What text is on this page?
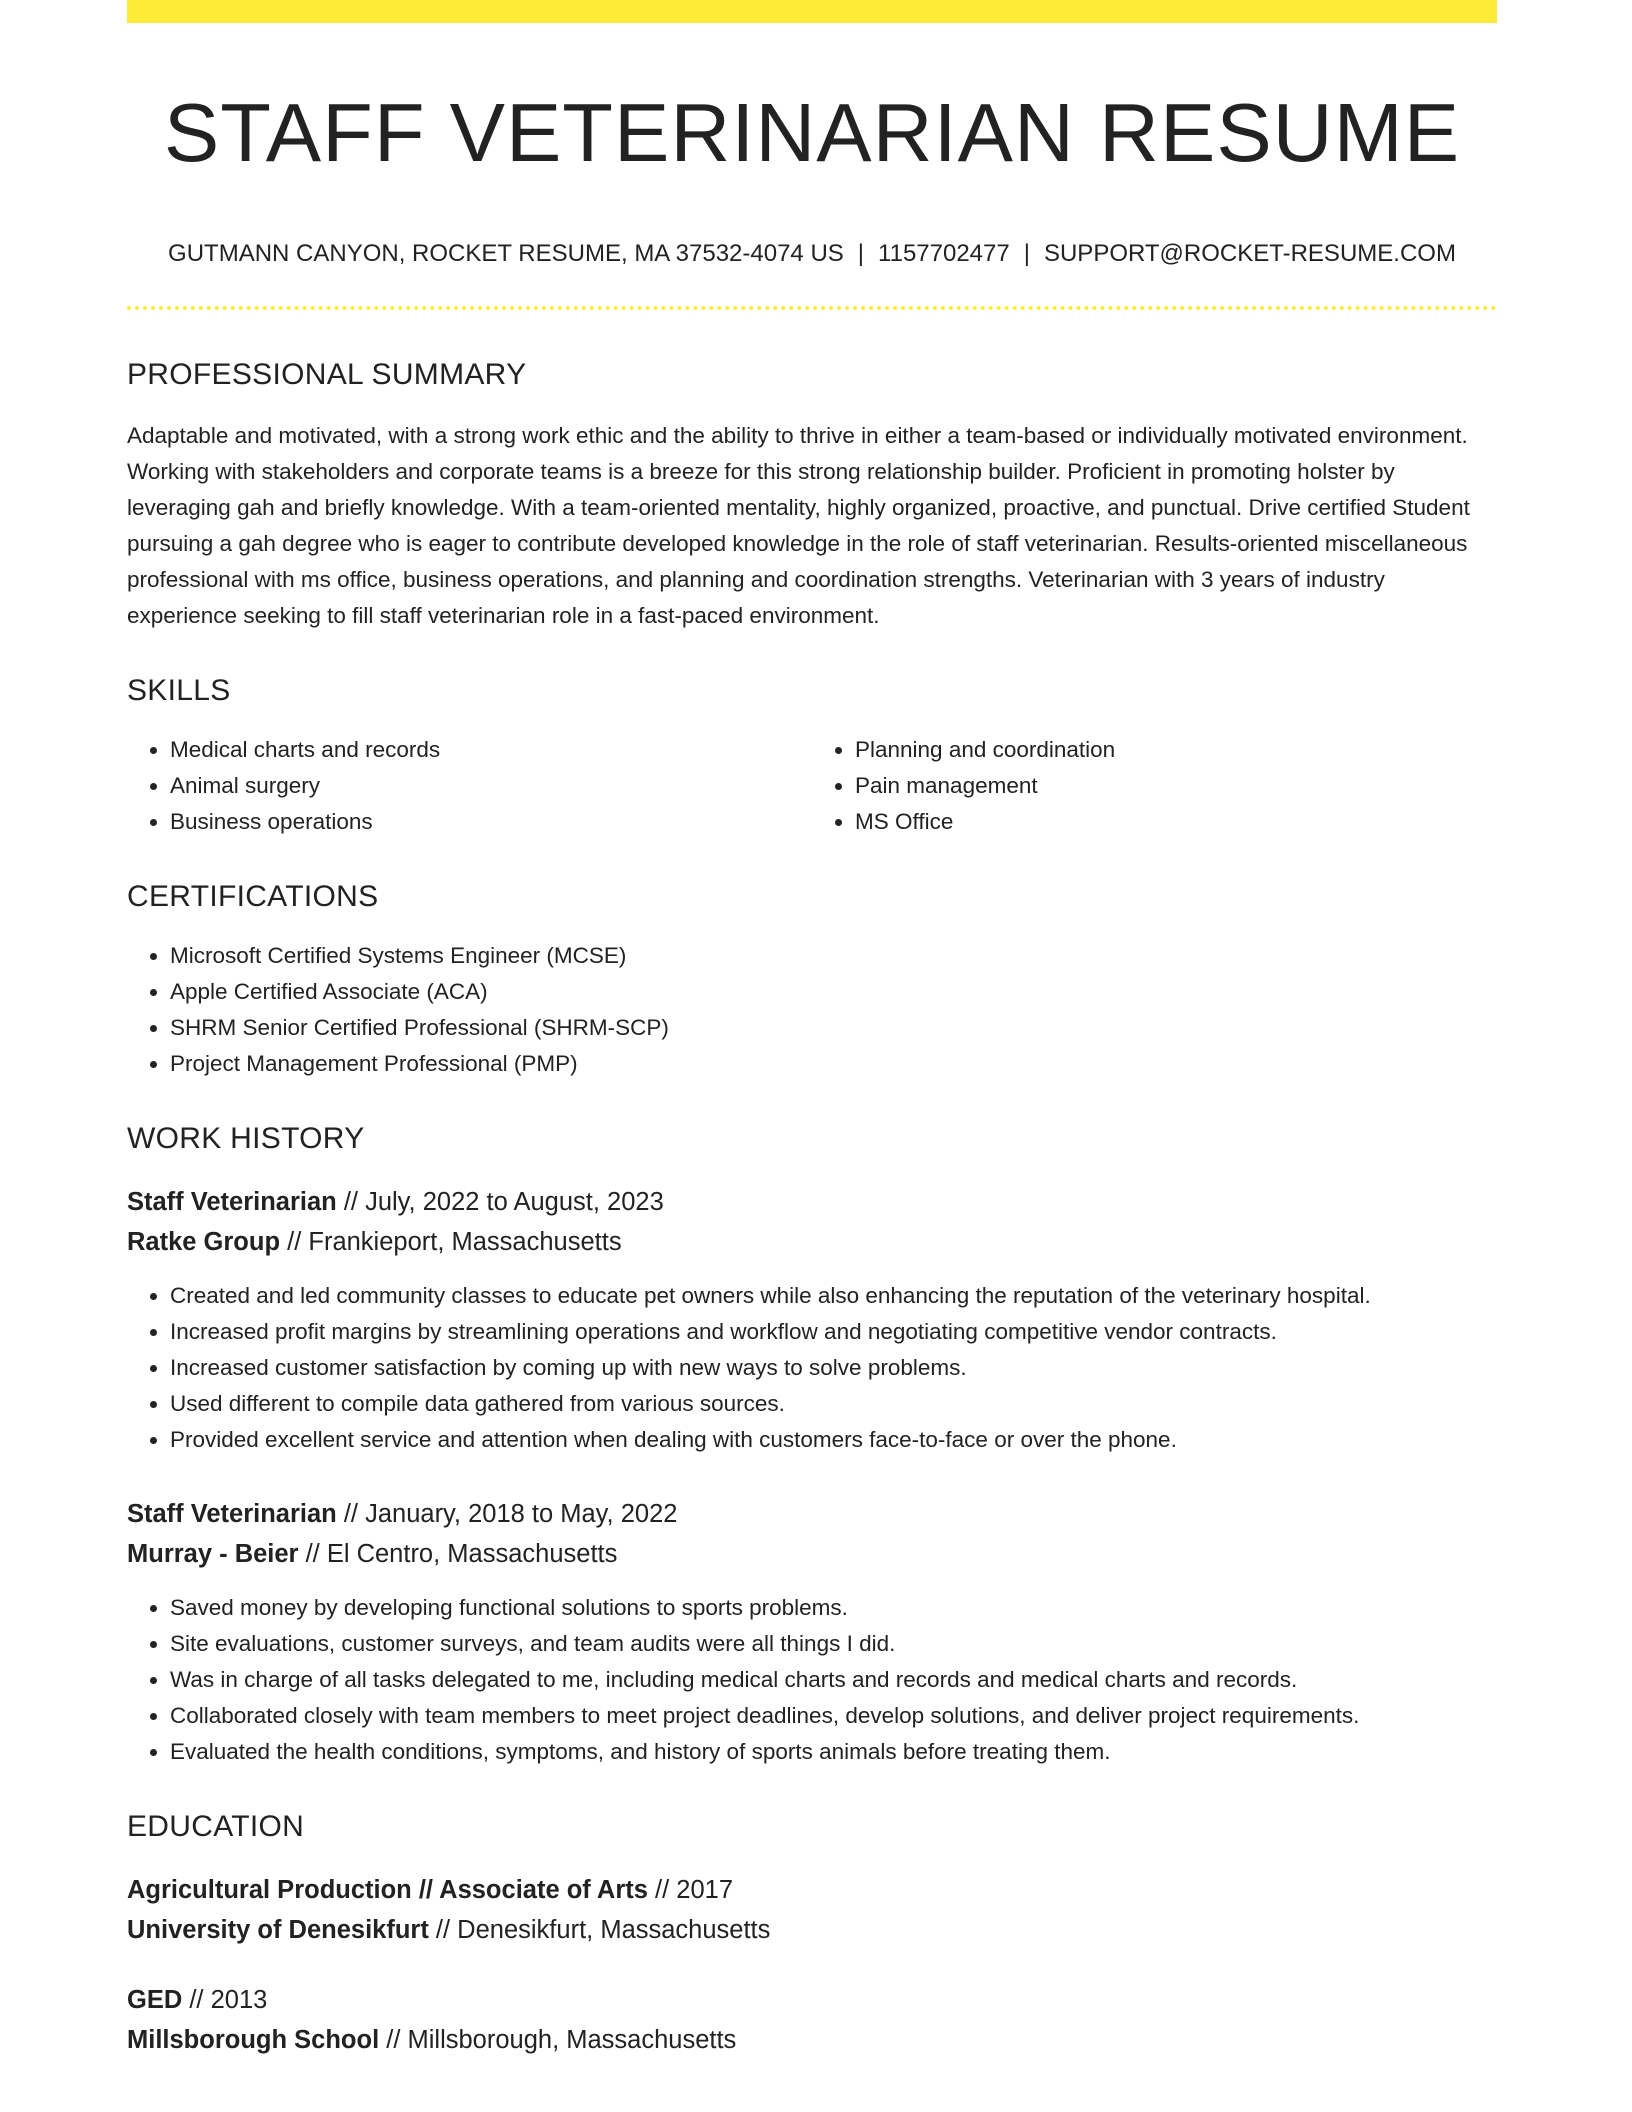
STAFF VETERINARIAN RESUME
GUTMANN CANYON, ROCKET RESUME, MA 37532-4074 US | 1157702477 | SUPPORT@ROCKET-RESUME.COM
PROFESSIONAL SUMMARY

Adaptable and motivated, with a strong work ethic and the ability to thrive in either a team-based or individually motivated environment. Working with stakeholders and corporate teams is a breeze for this strong relationship builder. Proficient in promoting holster by leveraging gah and briefly knowledge. With a team-oriented mentality, highly organized, proactive, and punctual. Drive certified Student pursuing a gah degree who is eager to contribute developed knowledge in the role of staff veterinarian. Results-oriented miscellaneous professional with ms office, business operations, and planning and coordination strengths. Veterinarian with 3 years of industry experience seeking to fill staff veterinarian role in a fast-paced environment.

SKILLS
• Medical charts and records
• Animal surgery
• Business operations
• Planning and coordination
• Pain management
• MS Office
CERTIFICATIONS
• Microsoft Certified Systems Engineer (MCSE)
• Apple Certified Associate (ACA)
• SHRM Senior Certified Professional (SHRM-SCP)
• Project Management Professional (PMP)
WORK HISTORY
Staff Veterinarian // July, 2022 to August, 2023
Ratke Group // Frankieport, Massachusetts
• Created and led community classes to educate pet owners while also enhancing the reputation of the veterinary hospital.
• Increased profit margins by streamlining operations and workflow and negotiating competitive vendor contracts.
• Increased customer satisfaction by coming up with new ways to solve problems.
• Used different to compile data gathered from various sources.
• Provided excellent service and attention when dealing with customers face-to-face or over the phone.
Staff Veterinarian // January, 2018 to May, 2022
Murray - Beier // El Centro, Massachusetts
• Saved money by developing functional solutions to sports problems.
• Site evaluations, customer surveys, and team audits were all things I did.
• Was in charge of all tasks delegated to me, including medical charts and records and medical charts and records.
• Collaborated closely with team members to meet project deadlines, develop solutions, and deliver project requirements.
• Evaluated the health conditions, symptoms, and history of sports animals before treating them.
EDUCATION
Agricultural Production // Associate of Arts // 2017
University of Denesikfurt // Denesikfurt, Massachusetts
GED // 2013
Millsborough School // Millsborough, Massachusetts
